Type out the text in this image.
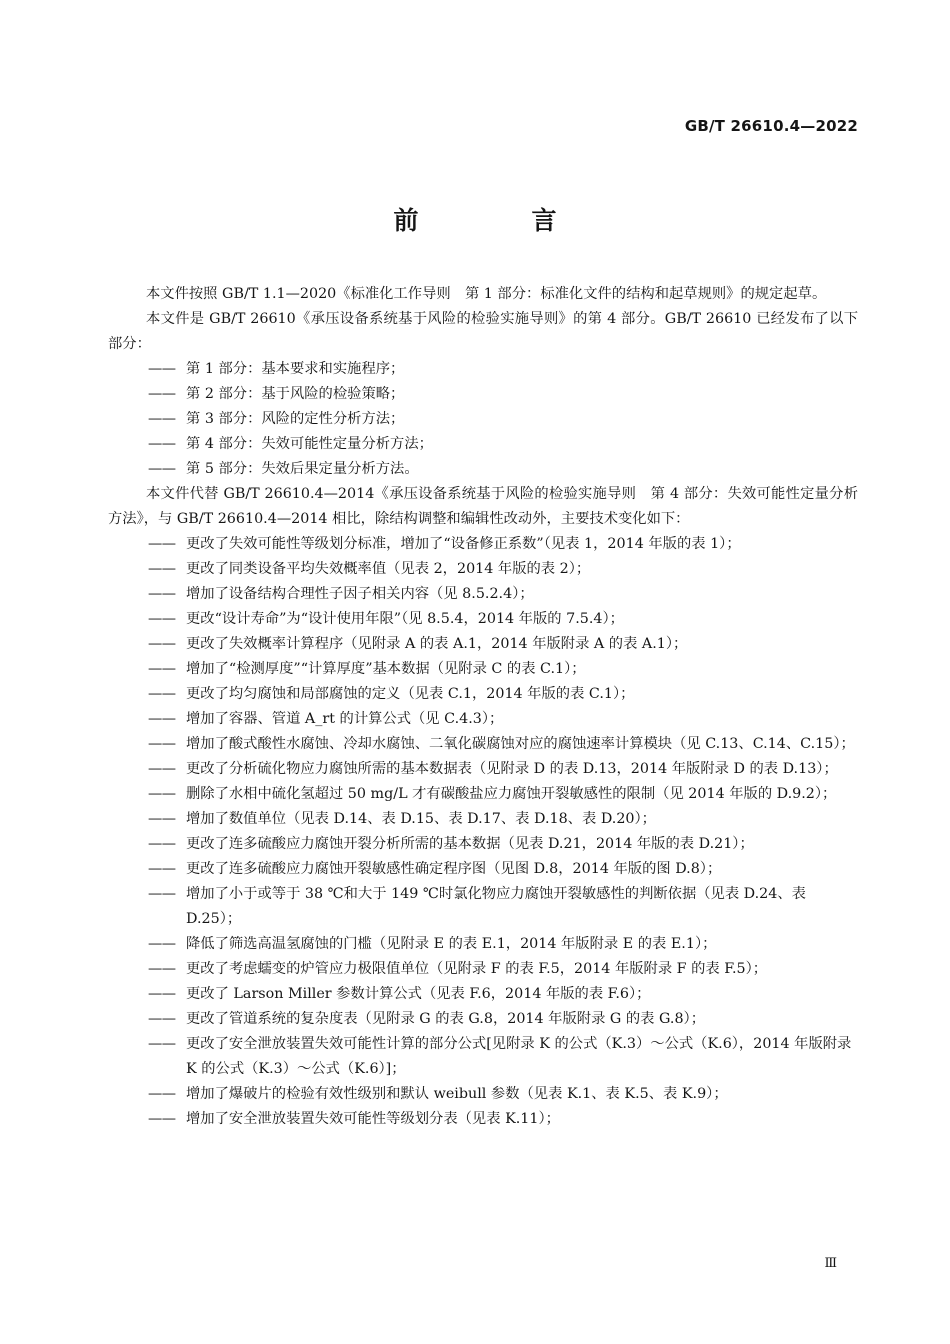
GB/T 26610.4—2022
前　言

本文件按照 GB/T 1.1—2020《标准化工作导则　第 1 部分：标准化文件的结构和起草规则》的规定起草。

本文件是 GB/T 26610《承压设备系统基于风险的检验实施导则》的第 4 部分。GB/T 26610 已经发布了以下部分：

—— 第 1 部分：基本要求和实施程序；
—— 第 2 部分：基于风险的检验策略；
—— 第 3 部分：风险的定性分析方法；
—— 第 4 部分：失效可能性定量分析方法；
—— 第 5 部分：失效后果定量分析方法。

本文件代替 GB/T 26610.4—2014《承压设备系统基于风险的检验实施导则　第 4 部分：失效可能性定量分析方法》，与 GB/T 26610.4—2014 相比，除结构调整和编辑性改动外，主要技术变化如下：

—— 更改了失效可能性等级划分标准，增加了“设备修正系数”（见表 1，2014 年版的表 1）；
—— 更改了同类设备平均失效概率值（见表 2，2014 年版的表 2）；
—— 增加了设备结构合理性子因子相关内容（见 8.5.2.4）；
—— 更改“设计寿命”为“设计使用年限”（见 8.5.4，2014 年版的 7.5.4）；
—— 更改了失效概率计算程序（见附录 A 的表 A.1，2014 年版附录 A 的表 A.1）；
—— 增加了“检测厚度”“计算厚度”基本数据（见附录 C 的表 C.1）；
—— 更改了均匀腐蚀和局部腐蚀的定义（见表 C.1，2014 年版的表 C.1）；
—— 增加了容器、管道 A_rt 的计算公式（见 C.4.3）；
—— 增加了酸式酸性水腐蚀、冷却水腐蚀、二氧化碳腐蚀对应的腐蚀速率计算模块（见 C.13、C.14、C.15）；
—— 更改了分析硫化物应力腐蚀所需的基本数据表（见附录 D 的表 D.13，2014 年版附录 D 的表 D.13）；
—— 删除了水相中硫化氢超过 50 mg/L 才有碳酸盐应力腐蚀开裂敏感性的限制（见 2014 年版的 D.9.2）；
—— 增加了数值单位（见表 D.14、表 D.15、表 D.17、表 D.18、表 D.20）；
—— 更改了连多硫酸应力腐蚀开裂分析所需的基本数据（见表 D.21，2014 年版的表 D.21）；
—— 更改了连多硫酸应力腐蚀开裂敏感性确定程序图（见图 D.8，2014 年版的图 D.8）；
—— 增加了小于或等于 38 ℃和大于 149 ℃时氯化物应力腐蚀开裂敏感性的判断依据（见表 D.24、表 D.25）；
—— 降低了筛选高温氢腐蚀的门槛（见附录 E 的表 E.1，2014 年版附录 E 的表 E.1）；
—— 更改了考虑蠕变的炉管应力极限值单位（见附录 F 的表 F.5，2014 年版附录 F 的表 F.5）；
—— 更改了 Larson Miller 参数计算公式（见表 F.6，2014 年版的表 F.6）；
—— 更改了管道系统的复杂度表（见附录 G 的表 G.8，2014 年版附录 G 的表 G.8）；
—— 更改了安全泄放装置失效可能性计算的部分公式[见附录 K 的公式（K.3）～公式（K.6），2014 年版附录 K 的公式（K.3）～公式（K.6）]；
—— 增加了爆破片的检验有效性级别和默认 weibull 参数（见表 K.1、表 K.5、表 K.9）；
—— 增加了安全泄放装置失效可能性等级划分表（见表 K.11）；
Ⅲ
